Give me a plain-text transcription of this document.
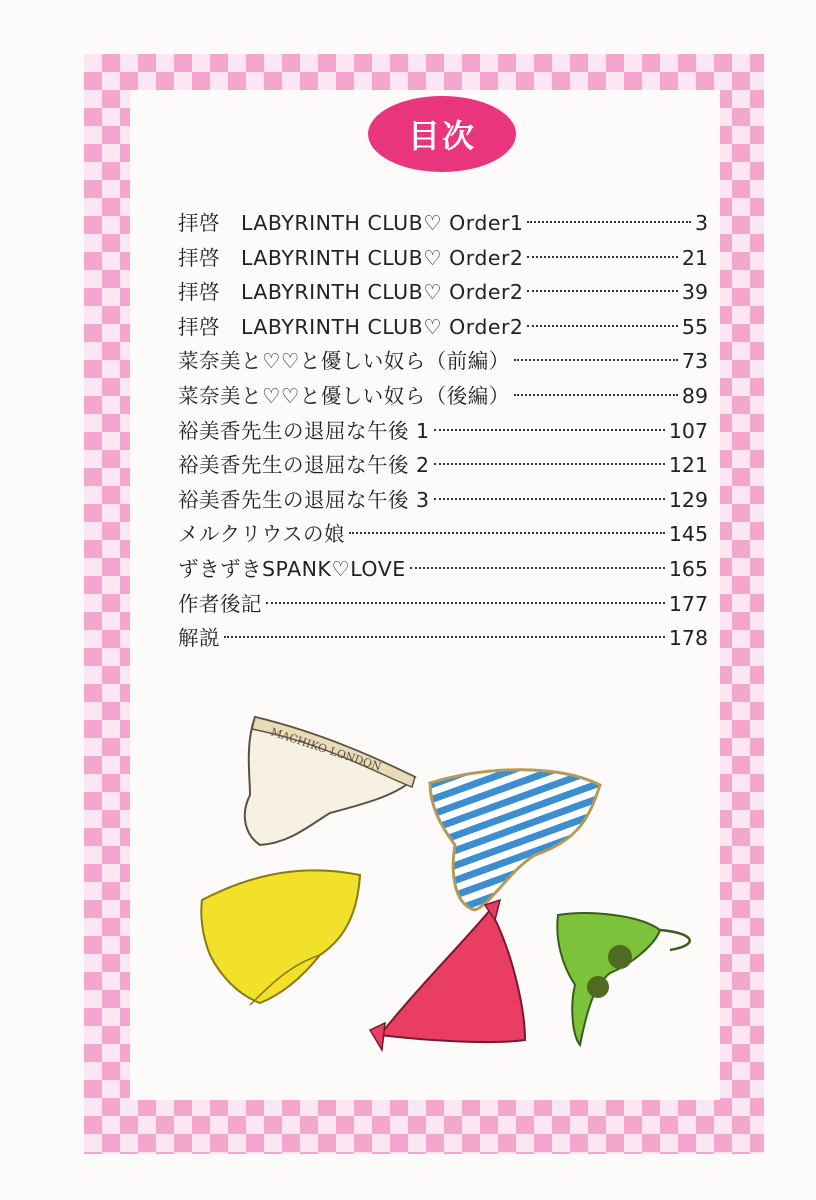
目次
拝啓　LABYRINTH CLUB♡ Order1	3
拝啓　LABYRINTH CLUB♡ Order2	21
拝啓　LABYRINTH CLUB♡ Order2	39
拝啓　LABYRINTH CLUB♡ Order2	55
菜奈美と♡♡と優しい奴ら（前編）	73
菜奈美と♡♡と優しい奴ら（後編）	89
裕美香先生の退屈な午後 1	107
裕美香先生の退屈な午後 2	121
裕美香先生の退屈な午後 3	129
メルクリウスの娘	145
ずきずきSPANK♡LOVE	165
作者後記	177
解説	178
MACHIKO LONDON
